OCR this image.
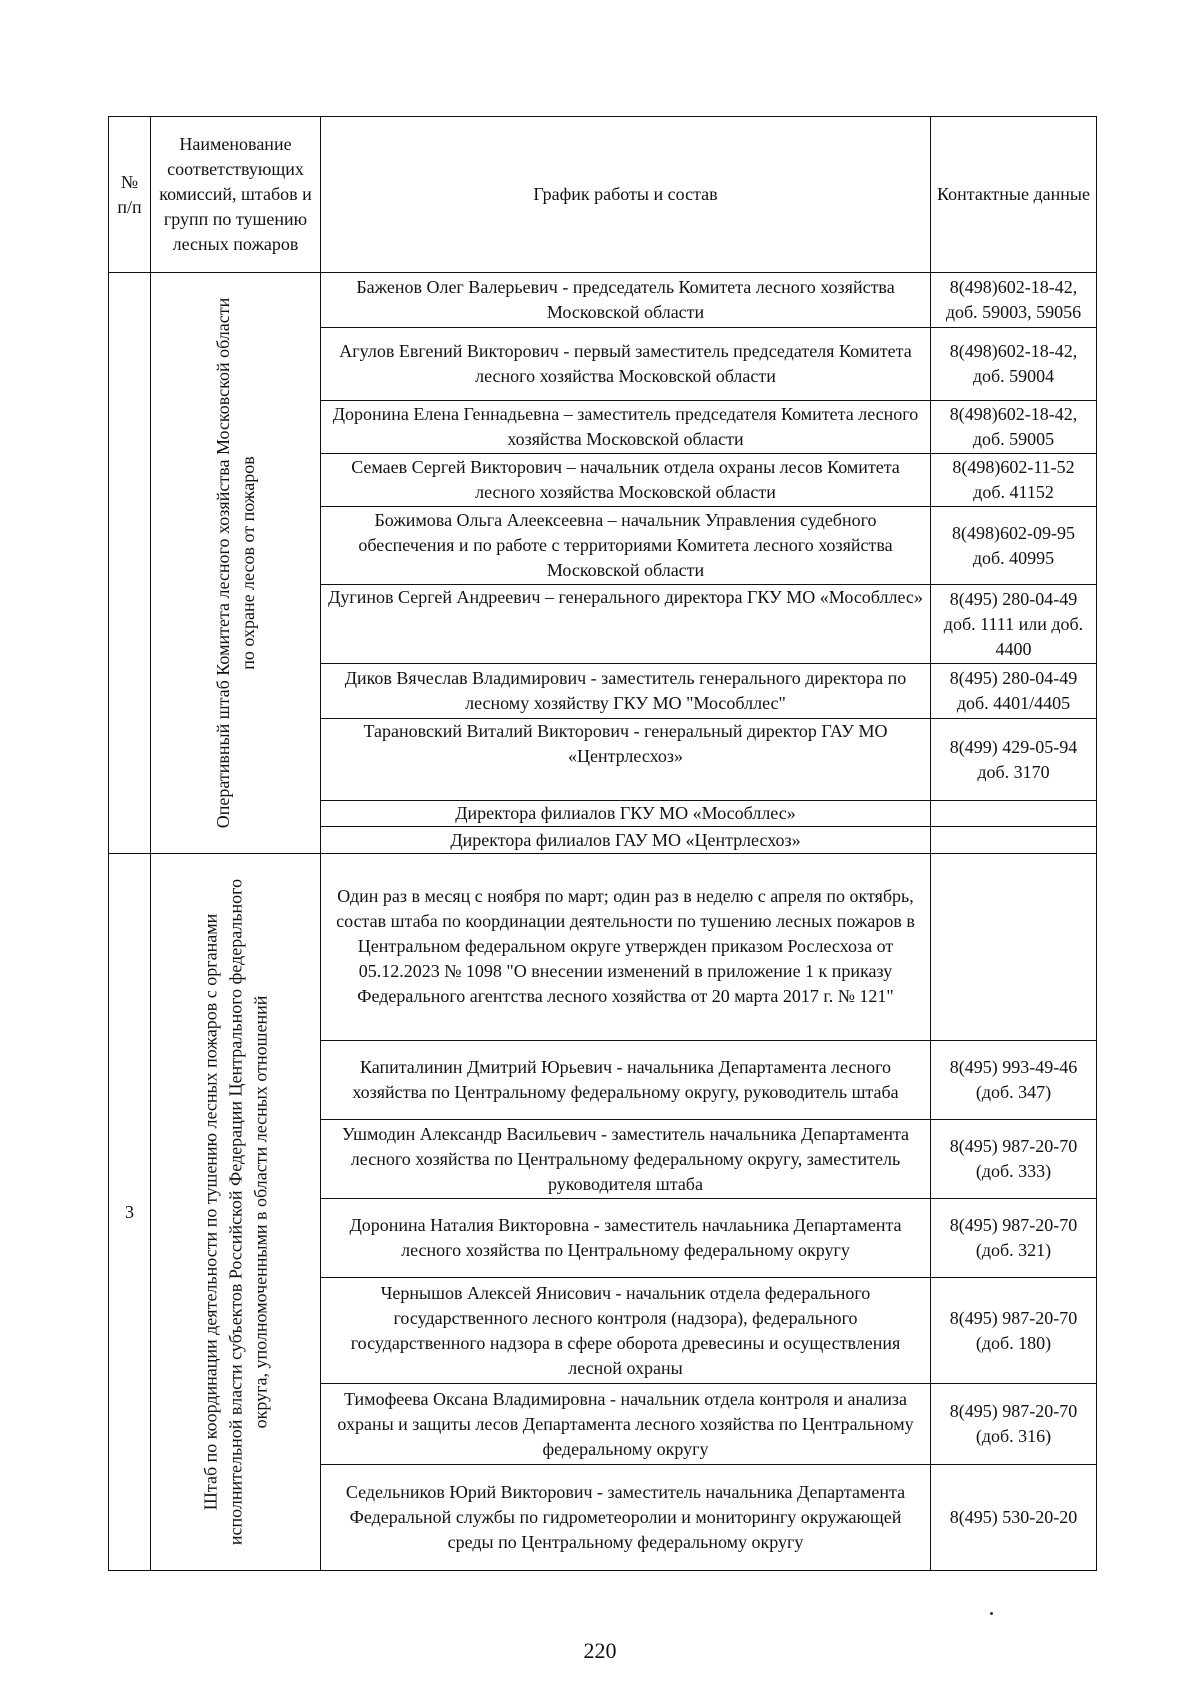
№ п/п	Наименование соответствующих комиссий, штабов и групп по тушению лесных пожаров	График работы и состав	Контактные данные

	Оперативный штаб Комитета лесного хозяйства Московской области по охране лесов от пожаров	Баженов Олег Валерьевич - председатель Комитета лесного хозяйства Московской области	8(498)602-18-42, доб. 59003, 59056
		Агулов Евгений Викторович - первый заместитель председателя Комитета лесного хозяйства Московской области	8(498)602-18-42, доб. 59004
		Доронина Елена Геннадьевна – заместитель председателя Комитета лесного хозяйства Московской области	8(498)602-18-42, доб. 59005
		Семаев Сергей Викторович – начальник отдела охраны лесов Комитета лесного хозяйства Московской области	8(498)602-11-52 доб. 41152
		Божимова Ольга Алеексеевна – начальник Управления судебного обеспечения и по работе с территориями Комитета лесного хозяйства Московской области	8(498)602-09-95 доб. 40995
		Дугинов Сергей Андреевич – генерального директора ГКУ МО «Мособллес»	8(495) 280-04-49 доб. 1111 или доб. 4400
		Диков Вячеслав Владимирович - заместитель генерального директора по лесному хозяйству ГКУ МО "Мособллес"	8(495) 280-04-49 доб. 4401/4405
		Тарановский Виталий Викторович - генеральный директор ГАУ МО «Центрлесхоз»	8(499) 429-05-94 доб. 3170
		Директора филиалов ГКУ МО «Мособллес»	
		Директора филиалов ГАУ МО «Центрлесхоз»	
3	Штаб по координации деятельности по тушению лесных пожаров с органами исполнительной власти субъектов Российской Федерации Центрального федерального округа, уполномоченными в области лесных отношений	Один раз в месяц с ноября по март; один раз в неделю с апреля по октябрь, состав штаба по координации деятельности по тушению лесных пожаров в Центральном федеральном округе утвержден приказом Рослесхоза от 05.12.2023 № 1098 "О внесении изменений в приложение 1 к приказу Федерального агентства лесного хозяйства от 20 марта 2017 г. № 121"	
		Капиталинин Дмитрий Юрьевич - начальника Департамента лесного хозяйства по Центральному федеральному округу, руководитель штаба	8(495) 993-49-46 (доб. 347)
		Ушмодин Александр Васильевич - заместитель начальника Департамента лесного хозяйства по Центральному федеральному округу, заместитель руководителя штаба	8(495) 987-20-70 (доб. 333)
		Доронина Наталия Викторовна - заместитель начлаьника Департамента лесного хозяйства по Центральному федеральному округу	8(495) 987-20-70 (доб. 321)
		Чернышов Алексей Янисович - начальник отдела федерального государственного лесного контроля (надзора), федерального государственного надзора в сфере оборота древесины и осуществления лесной охраны	8(495) 987-20-70 (доб. 180)
		Тимофеева Оксана Владимировна - начальник отдела контроля и анализа охраны и защиты лесов Департамента лесного хозяйства по Центральному федеральному округу	8(495) 987-20-70 (доб. 316)
		Седельников Юрий Викторович - заместитель начальника Департамента Федеральной службы по гидрометеоролии и мониторингу окружающей среды по Центральному федеральному округу	8(495) 530-20-20
220
